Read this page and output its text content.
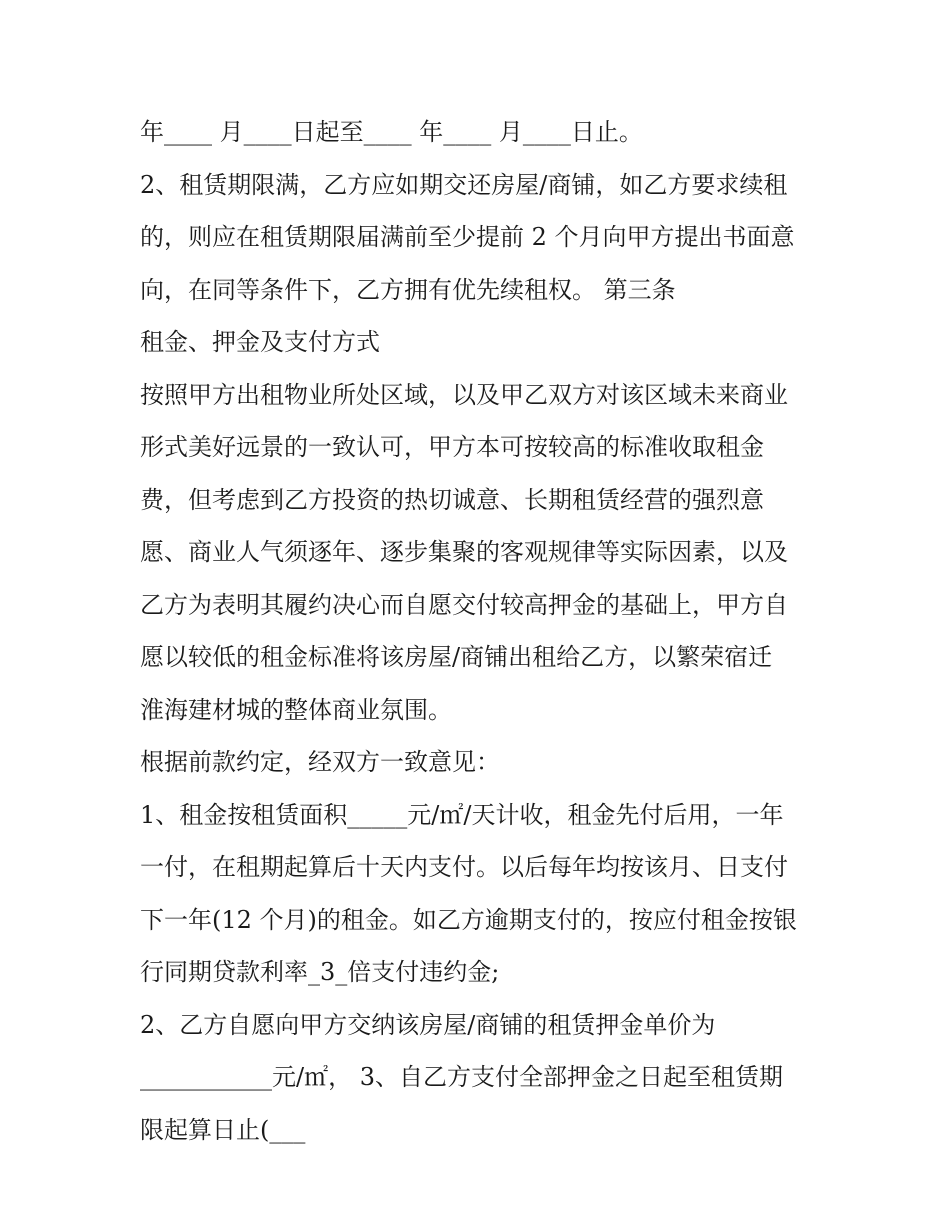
年____ 月____日起至____ 年____ 月____日止。
2、租赁期限满，乙方应如期交还房屋/商铺，如乙方要求续租
的，则应在租赁期限届满前至少提前 2 个月向甲方提出书面意
向，在同等条件下，乙方拥有优先续租权。 第三条
租金、押金及支付方式
按照甲方出租物业所处区域，以及甲乙双方对该区域未来商业
形式美好远景的一致认可，甲方本可按较高的标准收取租金
费，但考虑到乙方投资的热切诚意、长期租赁经营的强烈意
愿、商业人气须逐年、逐步集聚的客观规律等实际因素，以及
乙方为表明其履约决心而自愿交付较高押金的基础上，甲方自
愿以较低的租金标准将该房屋/商铺出租给乙方，以繁荣宿迁
淮海建材城的整体商业氛围。
根据前款约定，经双方一致意见：
1、租金按租赁面积_____元/㎡/天计收，租金先付后用，一年
一付，在租期起算后十天内支付。以后每年均按该月、日支付
下一年(12 个月)的租金。如乙方逾期支付的，按应付租金按银
行同期贷款利率_3_倍支付违约金;
2、乙方自愿向甲方交纳该房屋/商铺的租赁押金单价为
___________元/㎡， 3、自乙方支付全部押金之日起至租赁期
限起算日止(___
